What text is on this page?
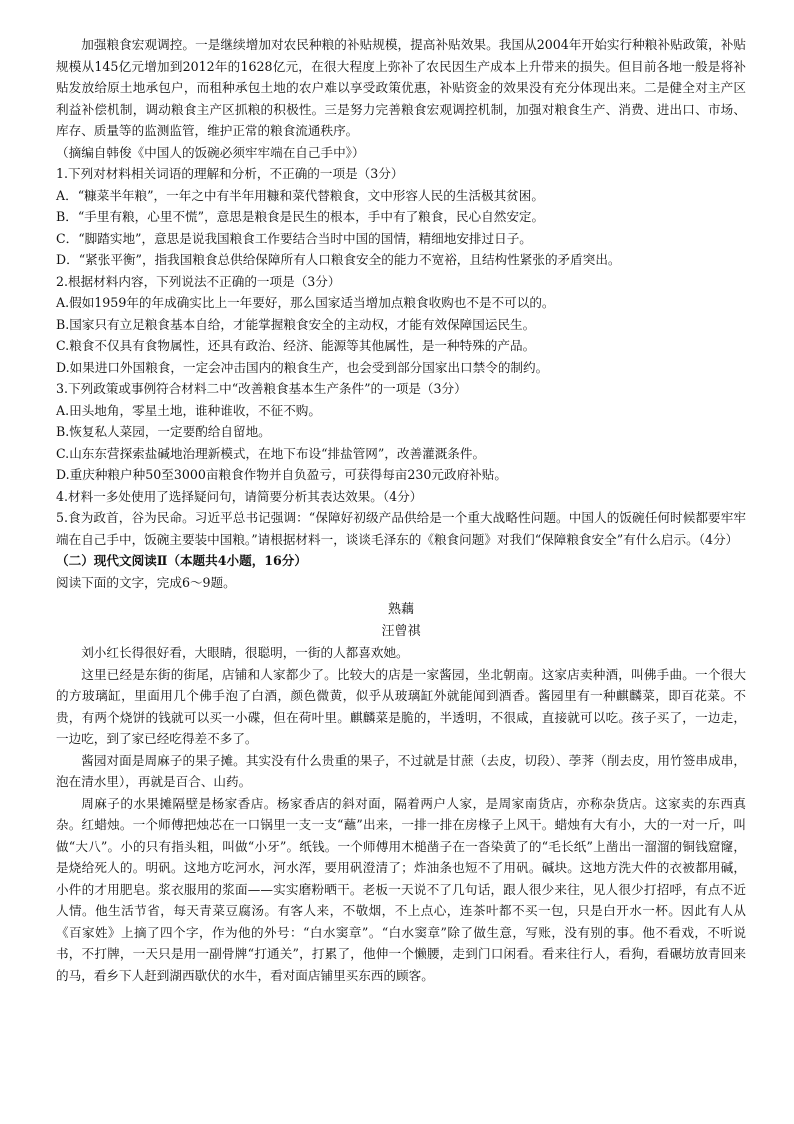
加强粮食宏观调控。一是继续增加对农民种粮的补贴规模，提高补贴效果。我国从2004年开始实行种粮补贴政策，补贴规模从145亿元增加到2012年的1628亿元，在很大程度上弥补了农民因生产成本上升带来的损失。但目前各地一般是将补贴发放给原土地承包户，而租种承包土地的农户难以享受政策优惠，补贴资金的效果没有充分体现出来。二是健全对主产区利益补偿机制，调动粮食主产区抓粮的积极性。三是努力完善粮食宏观调控机制，加强对粮食生产、消费、进出口、市场、库存、质量等的监测监管，维护正常的粮食流通秩序。

（摘编自韩俊《中国人的饭碗必须牢牢端在自己手中》）

1.下列对材料相关词语的理解和分析，不正确的一项是（3分）

A．“糠菜半年粮”，一年之中有半年用糠和菜代替粮食，文中形容人民的生活极其贫困。

B．“手里有粮，心里不慌”，意思是粮食是民生的根本，手中有了粮食，民心自然安定。

C．“脚踏实地”，意思是说我国粮食工作要结合当时中国的国情，精细地安排过日子。

D．“紧张平衡”，指我国粮食总供给保障所有人口粮食安全的能力不宽裕，且结构性紧张的矛盾突出。

2.根据材料内容，下列说法不正确的一项是（3分）

A.假如1959年的年成确实比上一年要好，那么国家适当增加点粮食收购也不是不可以的。

B.国家只有立足粮食基本自给，才能掌握粮食安全的主动权，才能有效保障国运民生。

C.粮食不仅具有食物属性，还具有政治、经济、能源等其他属性，是一种特殊的产品。

D.如果进口外国粮食，一定会冲击国内的粮食生产，也会受到部分国家出口禁令的制约。

3.下列政策或事例符合材料二中“改善粮食基本生产条件”的一项是（3分）

A.田头地角，零星土地，谁种谁收，不征不购。

B.恢复私人菜园，一定要酌给自留地。

C.山东东营探索盐碱地治理新模式，在地下布设“排盐管网”，改善灌溉条件。

D.重庆种粮户种50至3000亩粮食作物并自负盈亏，可获得每亩230元政府补贴。

4.材料一多处使用了选择疑问句，请简要分析其表达效果。（4分）

5.食为政首，谷为民命。习近平总书记强调：“保障好初级产品供给是一个重大战略性问题。中国人的饭碗任何时候都要牢牢端在自己手中，饭碗主要装中国粮。”请根据材料一，谈谈毛泽东的《粮食问题》对我们“保障粮食安全”有什么启示。（4分）

（二）现代文阅读Ⅱ（本题共4小题，16分）

阅读下面的文字，完成6～9题。

熟藕

汪曾祺

刘小红长得很好看，大眼睛，很聪明，一街的人都喜欢她。

这里已经是东街的街尾，店铺和人家都少了。比较大的店是一家酱园，坐北朝南。这家店卖种酒，叫佛手曲。一个很大的方玻璃缸，里面用几个佛手泡了白酒，颜色微黄，似乎从玻璃缸外就能闻到酒香。酱园里有一种麒麟菜，即百花菜。不贵，有两个烧饼的钱就可以买一小碟，但在荷叶里。麒麟菜是脆的，半透明，不很咸，直接就可以吃。孩子买了，一边走，一边吃，到了家已经吃得差不多了。

酱园对面是周麻子的果子摊。其实没有什么贵重的果子，不过就是甘蔗（去皮，切段）、荸荠（削去皮，用竹签串成串，泡在清水里），再就是百合、山药。

周麻子的水果摊隔壁是杨家香店。杨家香店的斜对面，隔着两户人家，是周家南货店，亦称杂货店。这家卖的东西真杂。红蜡烛。一个师傅把烛芯在一口锅里一支一支“蘸”出来，一排一排在房椽子上风干。蜡烛有大有小，大的一对一斤，叫做“大八”。小的只有指头粗，叫做“小牙”。纸钱。一个师傅用木槌凿子在一沓染黄了的“毛长纸”上凿出一溜溜的铜钱窟窿，是烧给死人的。明矾。这地方吃河水，河水浑，要用矾澄清了；炸油条也短不了用矾。碱块。这地方洗大件的衣被都用碱，小件的才用肥皂。浆衣服用的浆面——实实磨粉晒干。老板一天说不了几句话，跟人很少来往，见人很少打招呼，有点不近人情。他生活节省，每天青菜豆腐汤。有客人来，不敬烟，不上点心，连茶叶都不买一包，只是白开水一杯。因此有人从《百家姓》上摘了四个字，作为他的外号：“白水窦章”。“白水窦章”除了做生意，写账，没有别的事。他不看戏，不听说书，不打牌，一天只是用一副骨牌“打通关”，打累了，他伸一个懒腰，走到门口闲看。看来往行人，看狗，看碾坊放青回来的马，看乡下人赶到湖西歇伏的水牛，看对面店铺里买东西的顾客。
